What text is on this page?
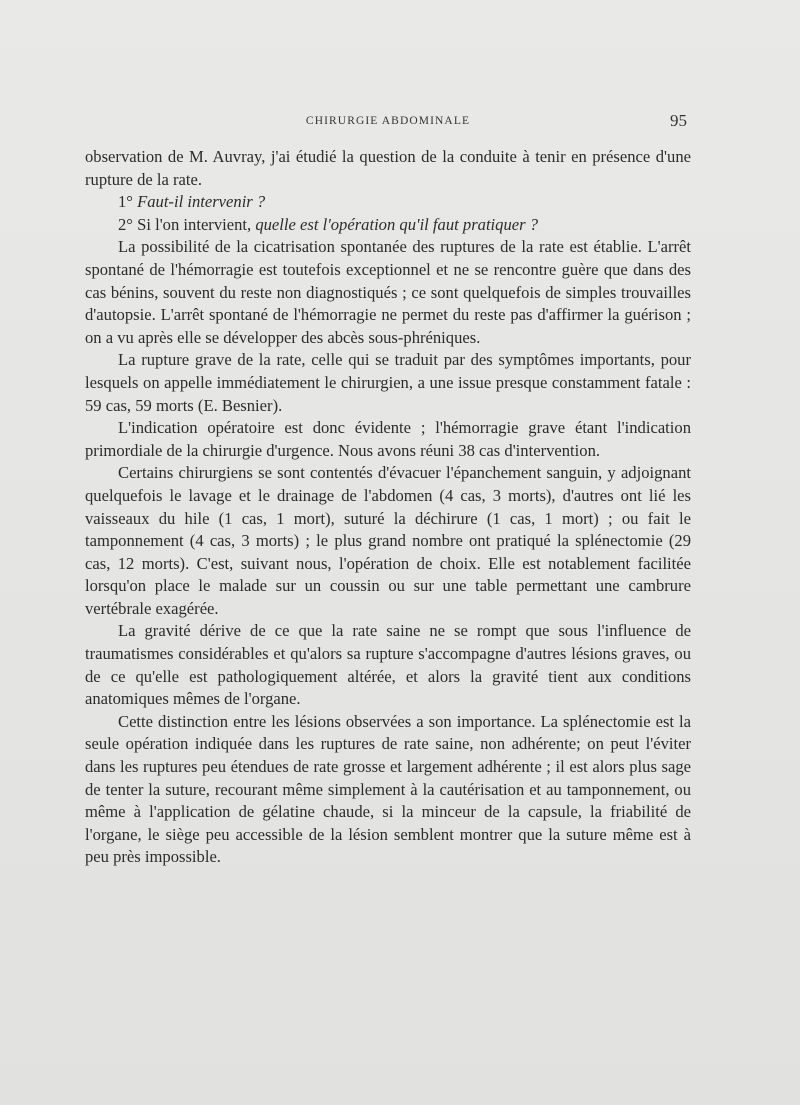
CHIRURGIE ABDOMINALE	95

observation de M. Auvray, j'ai étudié la question de la conduite à tenir en présence d'une rupture de la rate.

1° Faut-il intervenir ?

2° Si l'on intervient, quelle est l'opération qu'il faut pratiquer ?

La possibilité de la cicatrisation spontanée des ruptures de la rate est établie. L'arrêt spontané de l'hémorragie est toutefois exceptionnel et ne se rencontre guère que dans des cas bénins, souvent du reste non diagnostiqués ; ce sont quelquefois de simples trouvailles d'autopsie. L'arrêt spontané de l'hémorragie ne permet du reste pas d'affirmer la guérison ; on a vu après elle se développer des abcès sous-phréniques.

La rupture grave de la rate, celle qui se traduit par des symptômes importants, pour lesquels on appelle immédiatement le chirurgien, a une issue presque constamment fatale : 59 cas, 59 morts (E. Besnier).

L'indication opératoire est donc évidente ; l'hémorragie grave étant l'indication primordiale de la chirurgie d'urgence. Nous avons réuni 38 cas d'intervention.

Certains chirurgiens se sont contentés d'évacuer l'épanchement sanguin, y adjoignant quelquefois le lavage et le drainage de l'abdomen (4 cas, 3 morts), d'autres ont lié les vaisseaux du hile (1 cas, 1 mort), suturé la déchirure (1 cas, 1 mort) ; ou fait le tamponnement (4 cas, 3 morts) ; le plus grand nombre ont pratiqué la splénectomie (29 cas, 12 morts). C'est, suivant nous, l'opération de choix. Elle est notablement facilitée lorsqu'on place le malade sur un coussin ou sur une table permettant une cambrure vertébrale exagérée.

La gravité dérive de ce que la rate saine ne se rompt que sous l'influence de traumatismes considérables et qu'alors sa rupture s'accompagne d'autres lésions graves, ou de ce qu'elle est pathologiquement altérée, et alors la gravité tient aux conditions anatomiques mêmes de l'organe.

Cette distinction entre les lésions observées a son importance. La splénectomie est la seule opération indiquée dans les ruptures de rate saine, non adhérente; on peut l'éviter dans les ruptures peu étendues de rate grosse et largement adhérente ; il est alors plus sage de tenter la suture, recourant même simplement à la cautérisation et au tamponnement, ou même à l'application de gélatine chaude, si la minceur de la capsule, la friabilité de l'organe, le siège peu accessible de la lésion semblent montrer que la suture même est à peu près impossible.
